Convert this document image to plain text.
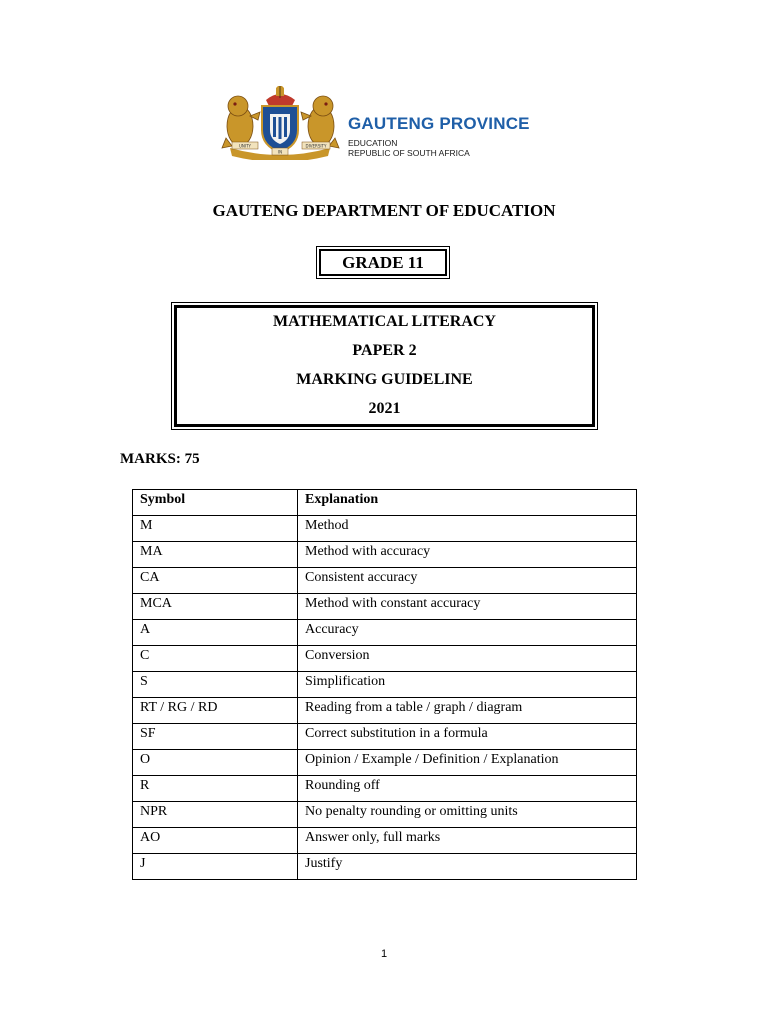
UNITY
IN
DIVERSITY
GAUTENG PROVINCE
EDUCATION
REPUBLIC OF SOUTH AFRICA
GAUTENG DEPARTMENT OF EDUCATION
GRADE 11
MATHEMATICAL LITERACY
PAPER 2
MARKING GUIDELINE
2021
MARKS: 75
Symbol	Explanation
M	Method
MA	Method with accuracy
CA	Consistent accuracy
MCA	Method with constant accuracy
A	Accuracy
C	Conversion
S	Simplification
RT / RG / RD	Reading from a table / graph / diagram
SF	Correct substitution in a formula
O	Opinion / Example / Definition / Explanation
R	Rounding off
NPR	No penalty rounding or omitting units
AO	Answer only, full marks
J	Justify
1
